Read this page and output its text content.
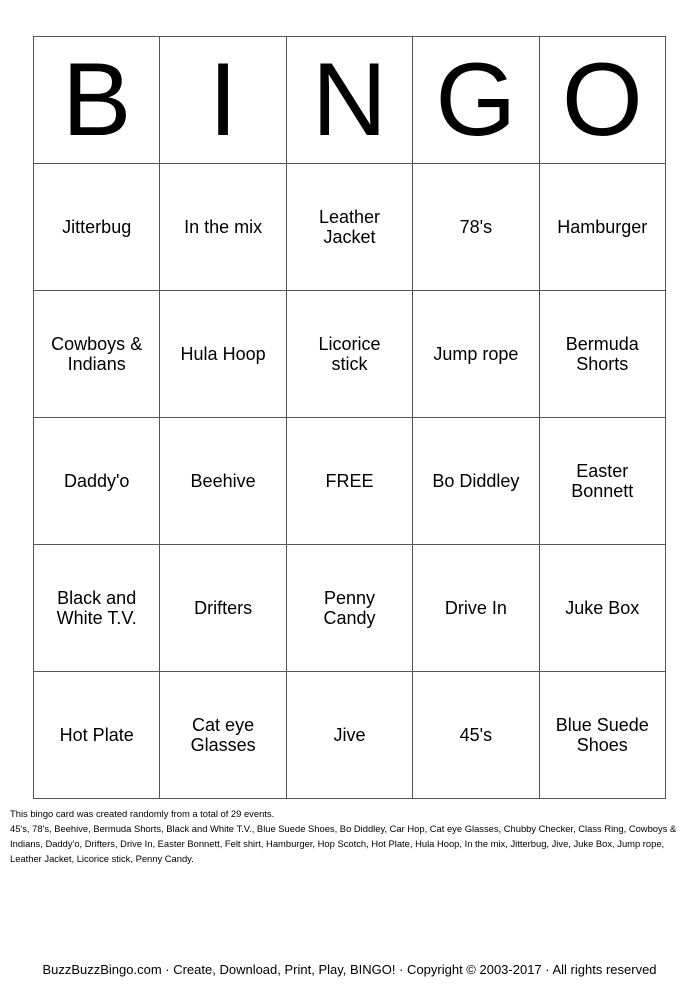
B	I	N	G	O
Jitterbug	In the mix	Leather Jacket	78's	Hamburger
Cowboys & Indians	Hula Hoop	Licorice stick	Jump rope	Bermuda Shorts
Daddy'o	Beehive	FREE	Bo Diddley	Easter Bonnett
Black and White T.V.	Drifters	Penny Candy	Drive In	Juke Box
Hot Plate	Cat eye Glasses	Jive	45's	Blue Suede Shoes

This bingo card was created randomly from a total of 29 events.

45's, 78's, Beehive, Bermuda Shorts, Black and White T.V., Blue Suede Shoes, Bo Diddley, Car Hop, Cat eye Glasses, Chubby Checker, Class Ring, Cowboys & Indians, Daddy'o, Drifters, Drive In, Easter Bonnett, Felt shirt, Hamburger, Hop Scotch, Hot Plate, Hula Hoop, In the mix, Jitterbug, Jive, Juke Box, Jump rope, Leather Jacket, Licorice stick, Penny Candy.

BuzzBuzzBingo.com · Create, Download, Print, Play, BINGO! · Copyright © 2003-2017 · All rights reserved
